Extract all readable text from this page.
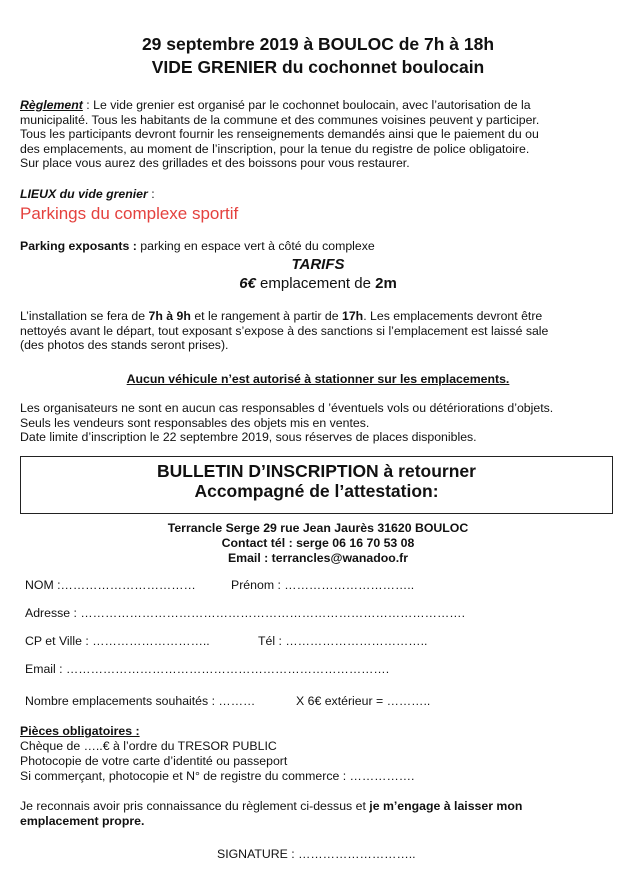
29 septembre 2019 à BOULOC de 7h à 18h
VIDE GRENIER du cochonnet boulocain
Règlement : Le vide grenier est organisé par le cochonnet boulocain, avec l’autorisation de la
municipalité. Tous les habitants de la commune et des communes voisines peuvent y participer.
Tous les participants devront fournir les renseignements demandés ainsi que le paiement du ou
des emplacements, au moment de l’inscription, pour la tenue du registre de police obligatoire.
Sur place vous aurez des grillades et des boissons pour vous restaurer.
LIEUX du vide grenier :
Parkings du complexe sportif
Parking exposants : parking en espace vert à côté du complexe
TARIFS
6€ emplacement de 2m
L’installation se fera de 7h à 9h et le rangement à partir de 17h. Les emplacements devront être
nettoyés avant le départ, tout exposant s’expose à des sanctions si l’emplacement est laissé sale
(des photos des stands seront prises).
Aucun véhicule n’est autorisé à stationner sur les emplacements.
Les organisateurs ne sont en aucun cas responsables d ’éventuels vols ou détériorations d’objets.
Seuls les vendeurs sont responsables des objets mis en ventes.
Date limite d’inscription le 22 septembre 2019, sous réserves de places disponibles.
BULLETIN D’INSCRIPTION à retourner
Accompagné de l’attestation:
Terrancle Serge 29 rue Jean Jaurès 31620 BOULOC
Contact tél : serge 06 16 70 53 08
Email : terrancles@wanadoo.fr
NOM :……………………………	Prénom : …………………………..
Adresse : ………………………………………………………………………………….
CP et Ville : ………………………..	Tél : ……………………………..
Email : …………………………………………………………………….
Nombre emplacements souhaités : ………	X 6€ extérieur = ………..
Pièces obligatoires :
Chèque de …..€ à l’ordre du TRESOR PUBLIC
Photocopie de votre carte d’identité ou passeport
Si commerçant, photocopie et N° de registre du commerce : …………….
Je reconnais avoir pris connaissance du règlement ci-dessus et je m’engage à laisser mon
emplacement propre.
SIGNATURE : ………………………..
